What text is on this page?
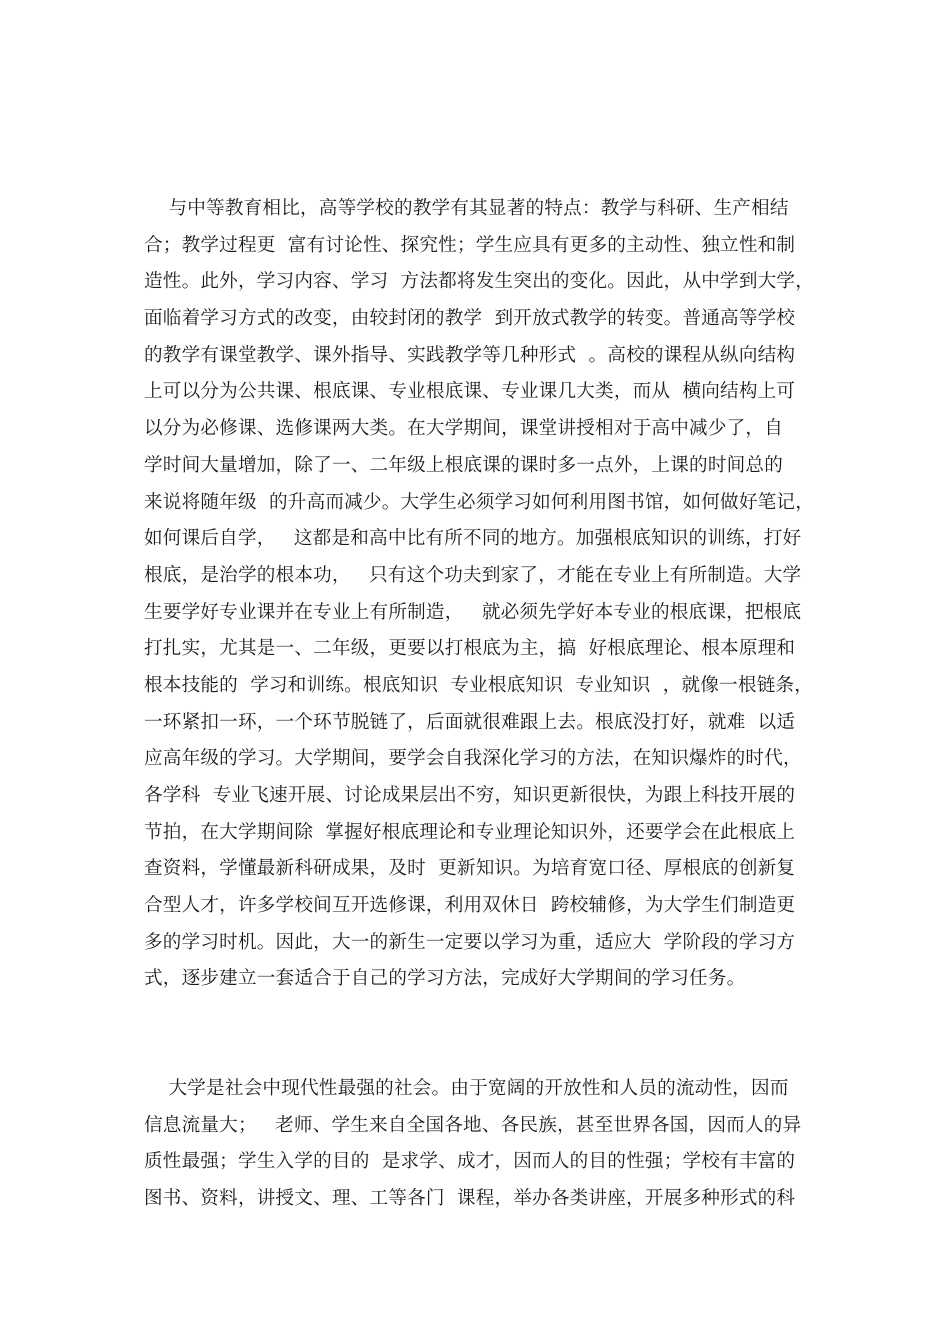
与中等教育相比，高等学校的教学有其显著的特点：教学与科研、生产相结
合；教学过程更  富有讨论性、探究性；学生应具有更多的主动性、独立性和制
造性。此外，学习内容、学习  方法都将发生突出的变化。因此，从中学到大学，
面临着学习方式的改变，由较封闭的教学  到开放式教学的转变。普通高等学校
的教学有课堂教学、课外指导、实践教学等几种形式  。高校的课程从纵向结构
上可以分为公共课、根底课、专业根底课、专业课几大类，而从  横向结构上可
以分为必修课、选修课两大类。在大学期间，课堂讲授相对于高中减少了，自
学时间大量增加，除了一、二年级上根底课的课时多一点外，上课的时间总的
来说将随年级  的升高而减少。大学生必须学习如何利用图书馆，如何做好笔记，
如何课后自学，   这都是和高中比有所不同的地方。加强根底知识的训练，打好
根底，是治学的根本功，   只有这个功夫到家了，才能在专业上有所制造。大学
生要学好专业课并在专业上有所制造，   就必须先学好本专业的根底课，把根底
打扎实，尤其是一、二年级，更要以打根底为主，搞  好根底理论、根本原理和
根本技能的  学习和训练。根底知识  专业根底知识  专业知识  ，就像一根链条，
一环紧扣一环，一个环节脱链了，后面就很难跟上去。根底没打好，就难  以适
应高年级的学习。大学期间，要学会自我深化学习的方法，在知识爆炸的时代，
各学科  专业飞速开展、讨论成果层出不穷，知识更新很快，为跟上科技开展的
节拍，在大学期间除  掌握好根底理论和专业理论知识外，还要学会在此根底上
查资料，学懂最新科研成果，及时  更新知识。为培育宽口径、厚根底的创新复
合型人才，许多学校间互开选修课，利用双休日  跨校辅修，为大学生们制造更
多的学习时机。因此，大一的新生一定要以学习为重，适应大  学阶段的学习方
式，逐步建立一套适合于自己的学习方法，完成好大学期间的学习任务。
大学是社会中现代性最强的社会。由于宽阔的开放性和人员的流动性，因而
信息流量大；   老师、学生来自全国各地、各民族，甚至世界各国，因而人的异
质性最强；学生入学的目的  是求学、成才，因而人的目的性强；学校有丰富的
图书、资料，讲授文、理、工等各门  课程，举办各类讲座，开展多种形式的科
